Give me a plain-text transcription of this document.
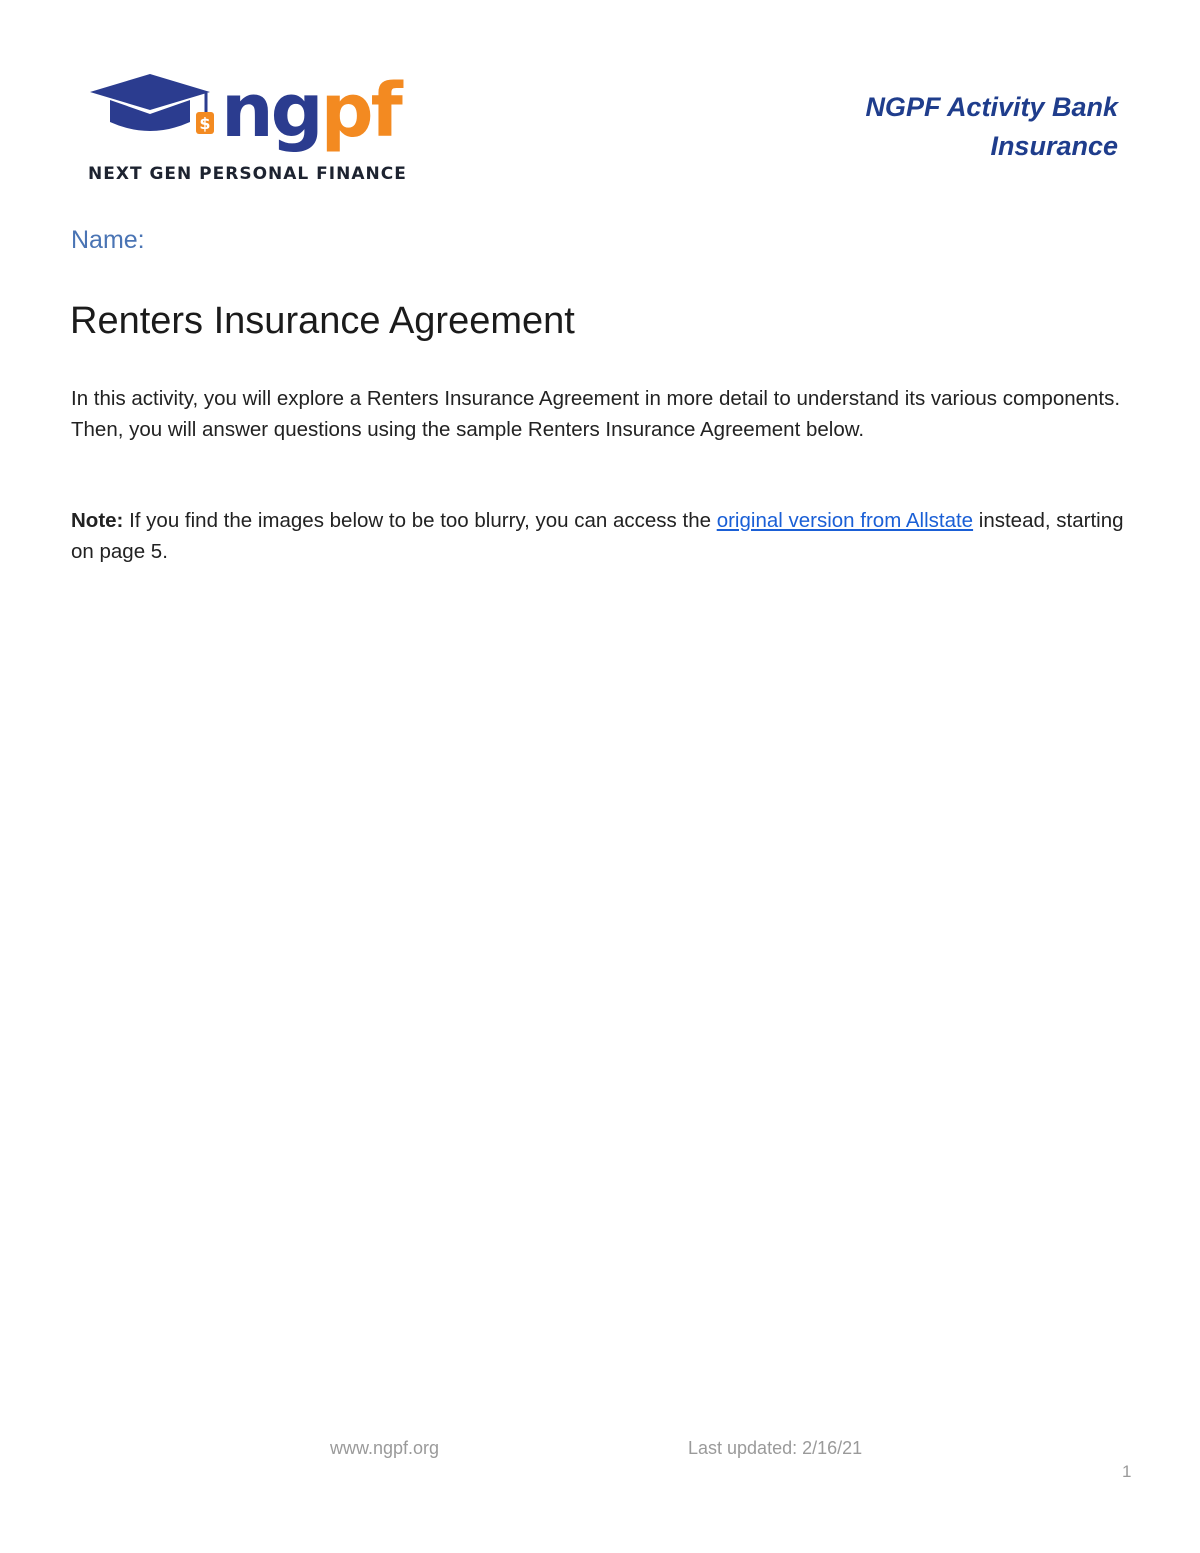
$ ngpf
NEXT GEN PERSONAL FINANCE
NGPF Activity Bank
Insurance
Name:
Renters Insurance Agreement

In this activity, you will explore a Renters Insurance Agreement in more detail to understand its various components. Then, you will answer questions using the sample Renters Insurance Agreement below.

Note: If you find the images below to be too blurry, you can access the original version from Allstate instead, starting on page 5.

www.ngpf.org	Last updated: 2/16/21
1
